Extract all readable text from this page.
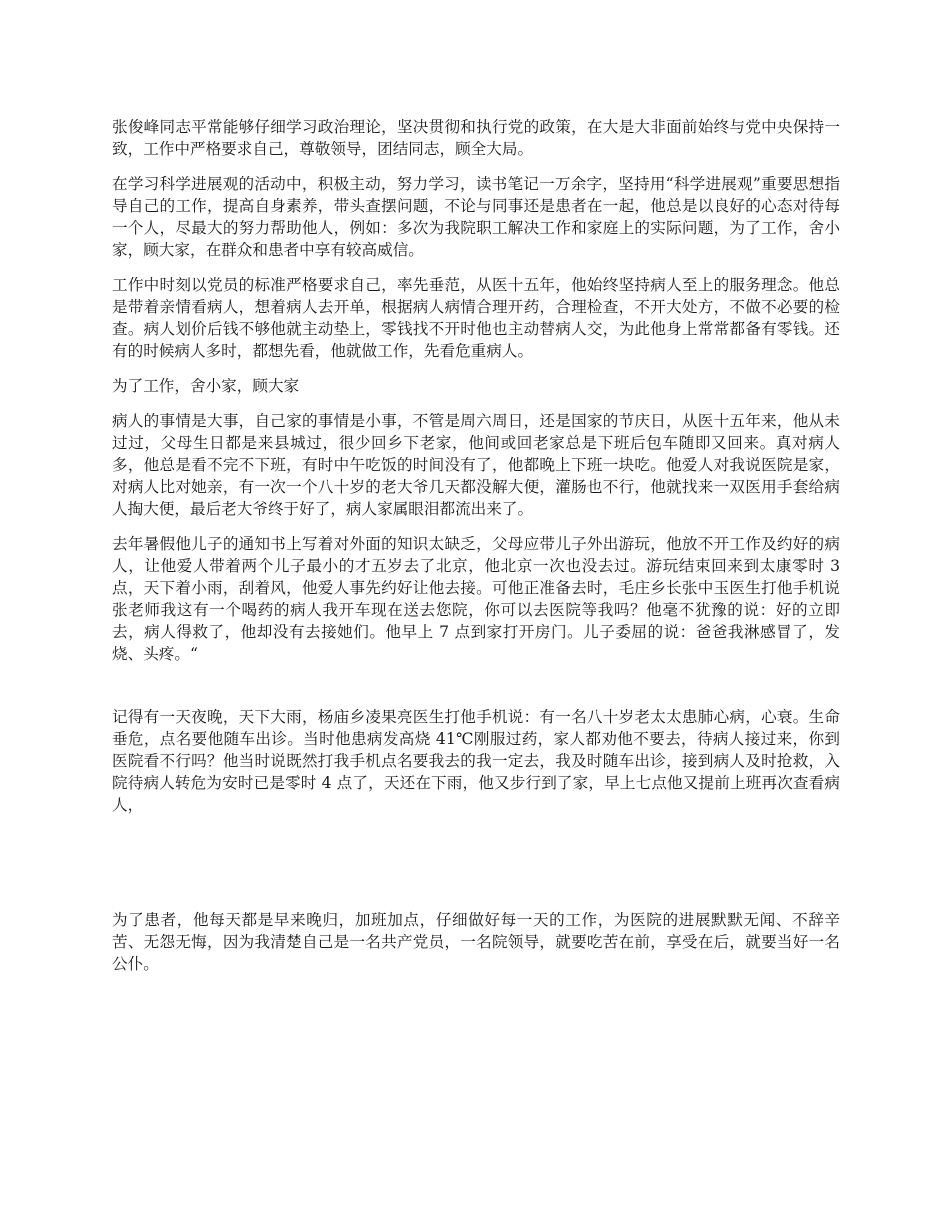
张俊峰同志平常能够仔细学习政治理论，坚决贯彻和执行党的政策，在大是大非面前始终与党中央保持一致，工作中严格要求自己，尊敬领导，团结同志，顾全大局。

在学习科学进展观的活动中，积极主动，努力学习，读书笔记一万余字，坚持用“科学进展观”重要思想指导自己的工作，提高自身素养，带头查摆问题，不论与同事还是患者在一起，他总是以良好的心态对待每一个人，尽最大的努力帮助他人，例如：多次为我院职工解决工作和家庭上的实际问题，为了工作，舍小家，顾大家，在群众和患者中享有较高威信。

工作中时刻以党员的标准严格要求自己，率先垂范，从医十五年，他始终坚持病人至上的服务理念。他总是带着亲情看病人，想着病人去开单，根据病人病情合理开药，合理检查，不开大处方，不做不必要的检查。病人划价后钱不够他就主动垫上，零钱找不开时他也主动替病人交，为此他身上常常都备有零钱。还有的时候病人多时，都想先看，他就做工作，先看危重病人。

为了工作，舍小家，顾大家

病人的事情是大事，自己家的事情是小事，不管是周六周日，还是国家的节庆日，从医十五年来，他从未过过，父母生日都是来县城过，很少回乡下老家，他间或回老家总是下班后包车随即又回来。真对病人多，他总是看不完不下班，有时中午吃饭的时间没有了，他都晚上下班一块吃。他爱人对我说医院是家，对病人比对她亲，有一次一个八十岁的老大爷几天都没解大便，灌肠也不行，他就找来一双医用手套给病人掏大便，最后老大爷终于好了，病人家属眼泪都流出来了。

去年暑假他儿子的通知书上写着对外面的知识太缺乏，父母应带儿子外出游玩，他放不开工作及约好的病人，让他爱人带着两个儿子最小的才五岁去了北京，他北京一次也没去过。游玩结束回来到太康零时 3 点，天下着小雨，刮着风，他爱人事先约好让他去接。可他正准备去时，毛庄乡长张中玉医生打他手机说张老师我这有一个喝药的病人我开车现在送去您院，你可以去医院等我吗？他毫不犹豫的说：好的立即去，病人得救了，他却没有去接她们。他早上 7 点到家打开房门。儿子委屈的说：爸爸我淋感冒了，发烧、头疼。“

记得有一天夜晚，天下大雨，杨庙乡凌果亮医生打他手机说：有一名八十岁老太太患肺心病，心衰。生命垂危，点名要他随车出诊。当时他患病发高烧 41℃刚服过药，家人都劝他不要去，待病人接过来，你到医院看不行吗？他当时说既然打我手机点名要我去的我一定去，我及时随车出诊，接到病人及时抢救，入院待病人转危为安时已是零时 4 点了，天还在下雨，他又步行到了家，早上七点他又提前上班再次查看病人，

为了患者，他每天都是早来晚归，加班加点，仔细做好每一天的工作，为医院的进展默默无闻、不辞辛苦、无怨无悔，因为我清楚自己是一名共产党员，一名院领导，就要吃苦在前，享受在后，就要当好一名公仆。
